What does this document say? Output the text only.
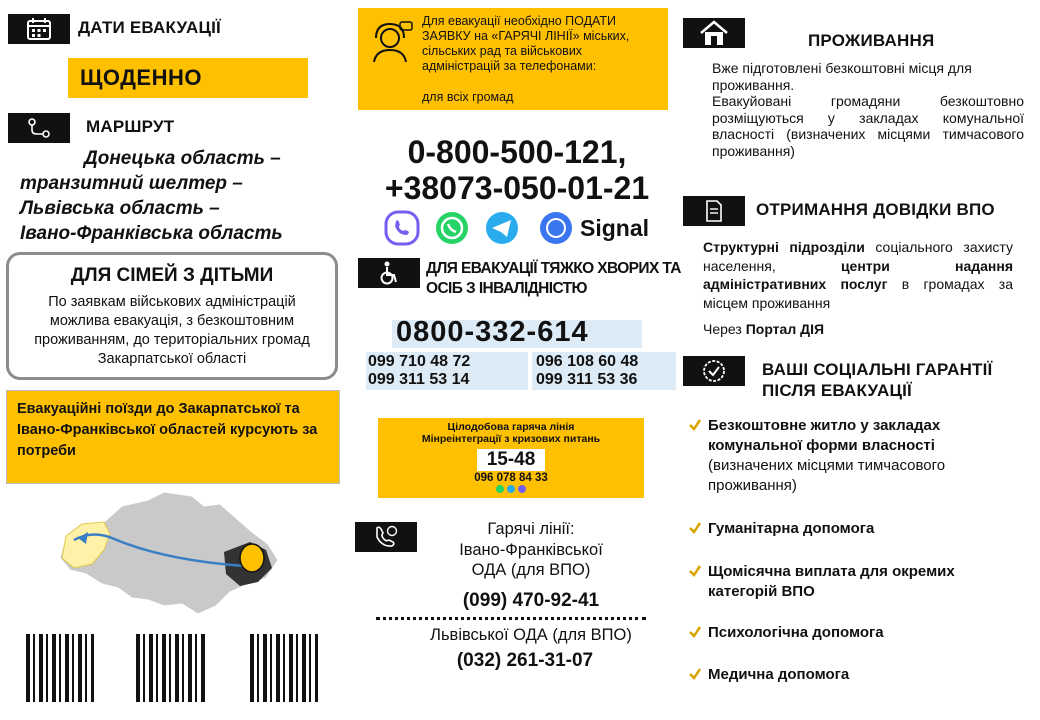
ДАТИ ЕВАКУАЦІЇ
ЩОДЕННО
МАРШРУТ
Донецька область –
транзитний шелтер –
Львівська область –
Івано-Франківська область
ДЛЯ СІМЕЙ З ДІТЬМИ
По заявкам військових адміністрацій можлива евакуація, з безкоштовним проживанням, до територіальних громад Закарпатської області
Евакуаційні поїзди до Закарпатської та Івано-Франківської областей курсують за потреби
Для евакуації необхідно ПОДАТИ ЗАЯВКУ на «ГАРЯЧІ ЛІНІЇ» міських, сільських рад та військових адміністрацій за телефонами:
для всіх громад
0-800-500-121,
+38073-050-01-21
Signal
ДЛЯ ЕВАКУАЦІЇ ТЯЖКО ХВОРИХ ТА ОСІБ З ІНВАЛІДНІСТЮ
0800-332-614
099 710 48 72
099 311 53 14
096 108 60 48
099 311 53 36
Цілодобова гаряча лінія
Мінреінтеграції з кризових питань
15-48
096 078 84 33
Гарячі лінії:
Івано-Франківської
ОДА (для ВПО)
(099) 470-92-41
Львівської ОДА (для ВПО)
(032) 261-31-07
ПРОЖИВАННЯ
Вже підготовлені безкоштовні місця для проживання.
Евакуйовані громадяни безкоштовно розміщуються у закладах комунальної власності (визначених місцями тимчасового проживання)
ОТРИМАННЯ ДОВІДКИ ВПО
Структурні підрозділи соціального захисту населення, центри надання адміністративних послуг в громадах за місцем проживання
Через Портал ДІЯ
ВАШІ СОЦІАЛЬНІ ГАРАНТІЇ
ПІСЛЯ ЕВАКУАЦІЇ
Безкоштовне житло у закладах комунальної форми власності
(визначених місцями тимчасового проживання)
Гуманітарна допомога
Щомісячна виплата для окремих категорій ВПО
Психологічна допомога
Медична допомога
